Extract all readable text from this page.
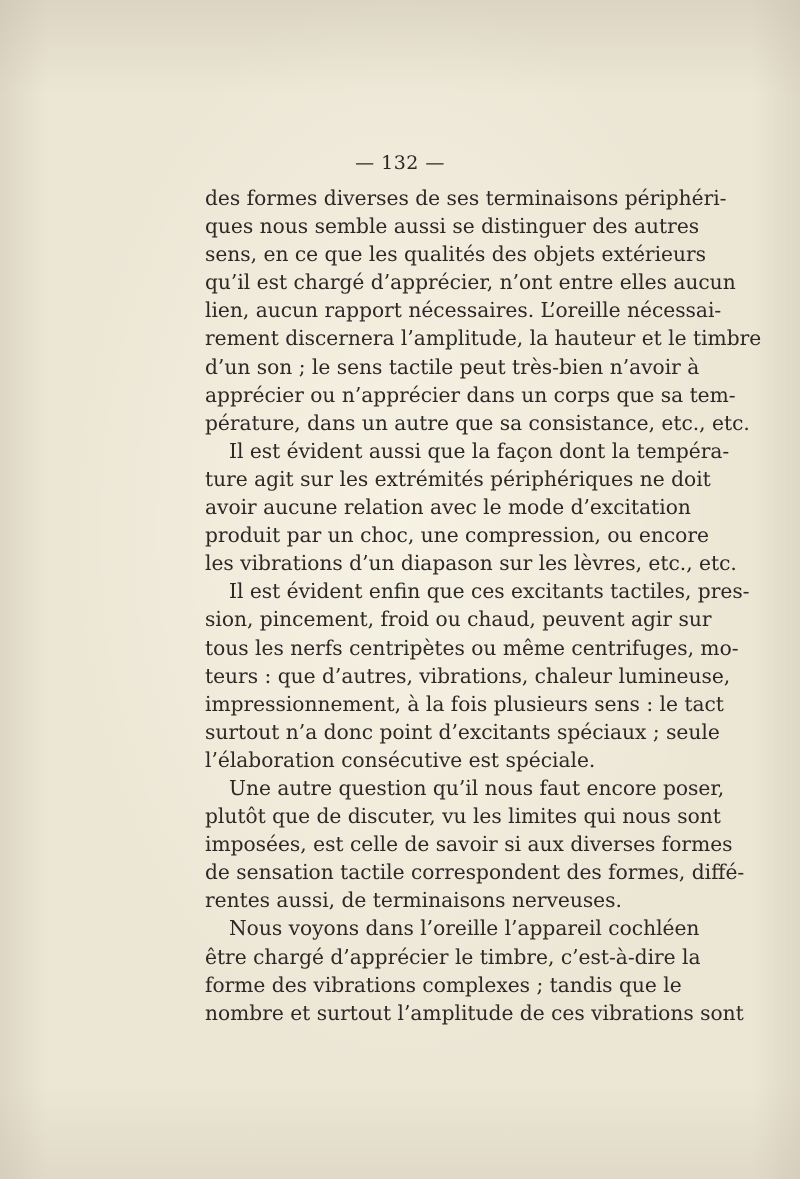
— 132 —
des formes diverses de ses terminaisons périphéri-
ques nous semble aussi se distinguer des autres
sens, en ce que les qualités des objets extérieurs
qu’il est chargé d’apprécier, n’ont entre elles aucun
lien, aucun rapport nécessaires. L’oreille nécessai-
rement discernera l’amplitude, la hauteur et le timbre
d’un son ; le sens tactile peut très-bien n’avoir à
apprécier ou n’apprécier dans un corps que sa tem-
pérature, dans un autre que sa consistance, etc., etc.
Il est évident aussi que la façon dont la tempéra-
ture agit sur les extrémités périphériques ne doit
avoir aucune relation avec le mode d’excitation
produit par un choc, une compression, ou encore
les vibrations d’un diapason sur les lèvres, etc., etc.
Il est évident enfin que ces excitants tactiles, pres-
sion, pincement, froid ou chaud, peuvent agir sur
tous les nerfs centripètes ou même centrifuges, mo-
teurs : que d’autres, vibrations, chaleur lumineuse,
impressionnement, à la fois plusieurs sens : le tact
surtout n’a donc point d’excitants spéciaux ; seule
l’élaboration consécutive est spéciale.
Une autre question qu’il nous faut encore poser,
plutôt que de discuter, vu les limites qui nous sont
imposées, est celle de savoir si aux diverses formes
de sensation tactile correspondent des formes, diffé-
rentes aussi, de terminaisons nerveuses.
Nous voyons dans l’oreille l’appareil cochléen
être chargé d’apprécier le timbre, c’est-à-dire la
forme des vibrations complexes ; tandis que le
nombre et surtout l’amplitude de ces vibrations sont
